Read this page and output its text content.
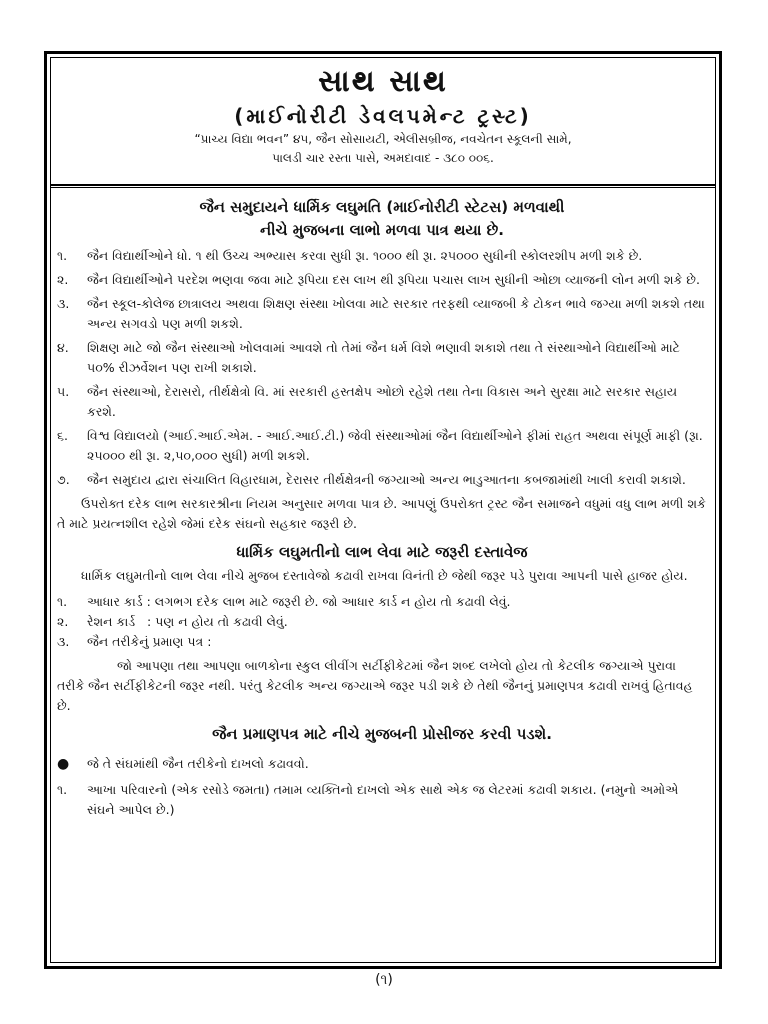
સાથ સાથ
(માઈનોરીટી ડેવલપમેન્ટ ટ્રસ્ટ)
“પ્રાચ્ય વિદ્યા ભવન” ૪૫, જૈન સોસાયટી, એલીસબ્રીજ, નવચેતન સ્કૂલની સામે,
પાલડી ચાર રસ્તા પાસે, અમદાવાદ - ૩૮૦ ૦૦૬.
જૈન સમુદાયને ધાર્મિક લઘુમતિ (માઈનોરીટી સ્ટેટસ) મળવાથી
નીચે મુજબના લાભો મળવા પાત્ર થયા છે.
૧.	જૈન વિદ્યાર્થીઓને ધો. ૧ થી ઉચ્ચ અભ્યાસ કરવા સુધી રૂા. ૧૦૦૦ થી રૂા. ૨૫૦૦૦ સુધીની સ્કોલરશીપ મળી શકે છે.
૨.	જૈન વિદ્યાર્થીઓને પરદેશ ભણવા જવા માટે રૂપિયા દસ લાખ થી રૂપિયા પચાસ લાખ સુધીની ઓછા વ્યાજની લોન મળી શકે છે.
૩.	જૈન સ્કૂલ-કોલેજ છાત્રાલય અથવા શિક્ષણ સંસ્થા ખોલવા માટે સરકાર તરફથી વ્યાજબી કે ટોકન ભાવે જગ્યા મળી શકશે તથા અન્ય સગવડો પણ મળી શકશે.
૪.	શિક્ષણ માટે જો જૈન સંસ્થાઓ ખોલવામાં આવશે તો તેમાં જૈન ધર્મ વિશે ભણાવી શકાશે તથા તે સંસ્થાઓને વિદ્યાર્થીઓ માટે ૫૦% રીઝર્વેશન પણ રાખી શકાશે.
૫.	જૈન સંસ્થાઓ, દેરાસરો, તીર્થક્ષેત્રો વિ. માં સરકારી હસ્તક્ષેપ ઓછો રહેશે તથા તેના વિકાસ અને સુરક્ષા માટે સરકાર સહાય કરશે.
૬.	વિશ્વ વિદ્યાલયો (આઈ.આઈ.એમ. - આઈ.આઈ.ટી.) જેવી સંસ્થાઓમાં જૈન વિદ્યાર્થીઓને ફીમાં રાહત અથવા સંપૂર્ણ માફી (રૂા. ૨૫૦૦૦ થી રૂા. ૨,૫૦,૦૦૦ સુધી) મળી શકશે.
૭.	જૈન સમુદાય દ્વારા સંચાલિત વિહારધામ, દેરાસર તીર્થક્ષેત્રની જગ્યાઓ અન્ય ભાડુઆતના કબજામાંથી ખાલી કરાવી શકાશે.

ઉપરોક્ત દરેક લાભ સરકારશ્રીના નિયમ અનુસાર મળવા પાત્ર છે. આપણું ઉપરોક્ત ટ્રસ્ટ જૈન સમાજને વધુમાં વધુ લાભ મળી શકે તે માટે પ્રયત્નશીલ રહેશે જેમાં દરેક સંઘનો સહકાર જરૂરી છે.

ધાર્મિક લઘુમતીનો લાભ લેવા માટે જરૂરી દસ્તાવેજ

ધાર્મિક લઘુમતીનો લાભ લેવા નીચે મુજબ દસ્તાવેજો કઢાવી રાખવા વિનંતી છે જેથી જરૂર પડે પુરાવા આપની પાસે હાજર હોય.

૧.	આધાર કાર્ડ : લગભગ દરેક લાભ માટે જરૂરી છે. જો આધાર કાર્ડ ન હોય તો કઢાવી લેવું.
૨.	રેશન કાર્ડ   : પણ ન હોય તો કઢાવી લેવું.
૩.	જૈન તરીકેનું પ્રમાણ પત્ર :

જો આપણા તથા આપણા બાળકોના સ્કુલ લીવીંગ સર્ટીફીકેટમાં જૈન શબ્દ લખેલો હોય તો કેટલીક જગ્યાએ પુરાવા તરીકે જૈન સર્ટીફીકેટની જરૂર નથી. પરંતુ કેટલીક અન્ય જગ્યાએ જરૂર પડી શકે છે તેથી જૈનનું પ્રમાણપત્ર કઢાવી રાખવું હિતાવહ છે.

જૈન પ્રમાણપત્ર માટે નીચે મુજબની પ્રોસીજર કરવી પડશે.
●	જે તે સંઘમાંથી જૈન તરીકેનો દાખલો કઢાવવો.
૧.	આખા પરિવારનો (એક રસોડે જમતા) તમામ વ્યક્તિનો દાખલો એક સાથે એક જ લેટરમાં કઢાવી શકાય. (નમુનો અમોએ સંઘને આપેલ છે.)
(૧)
